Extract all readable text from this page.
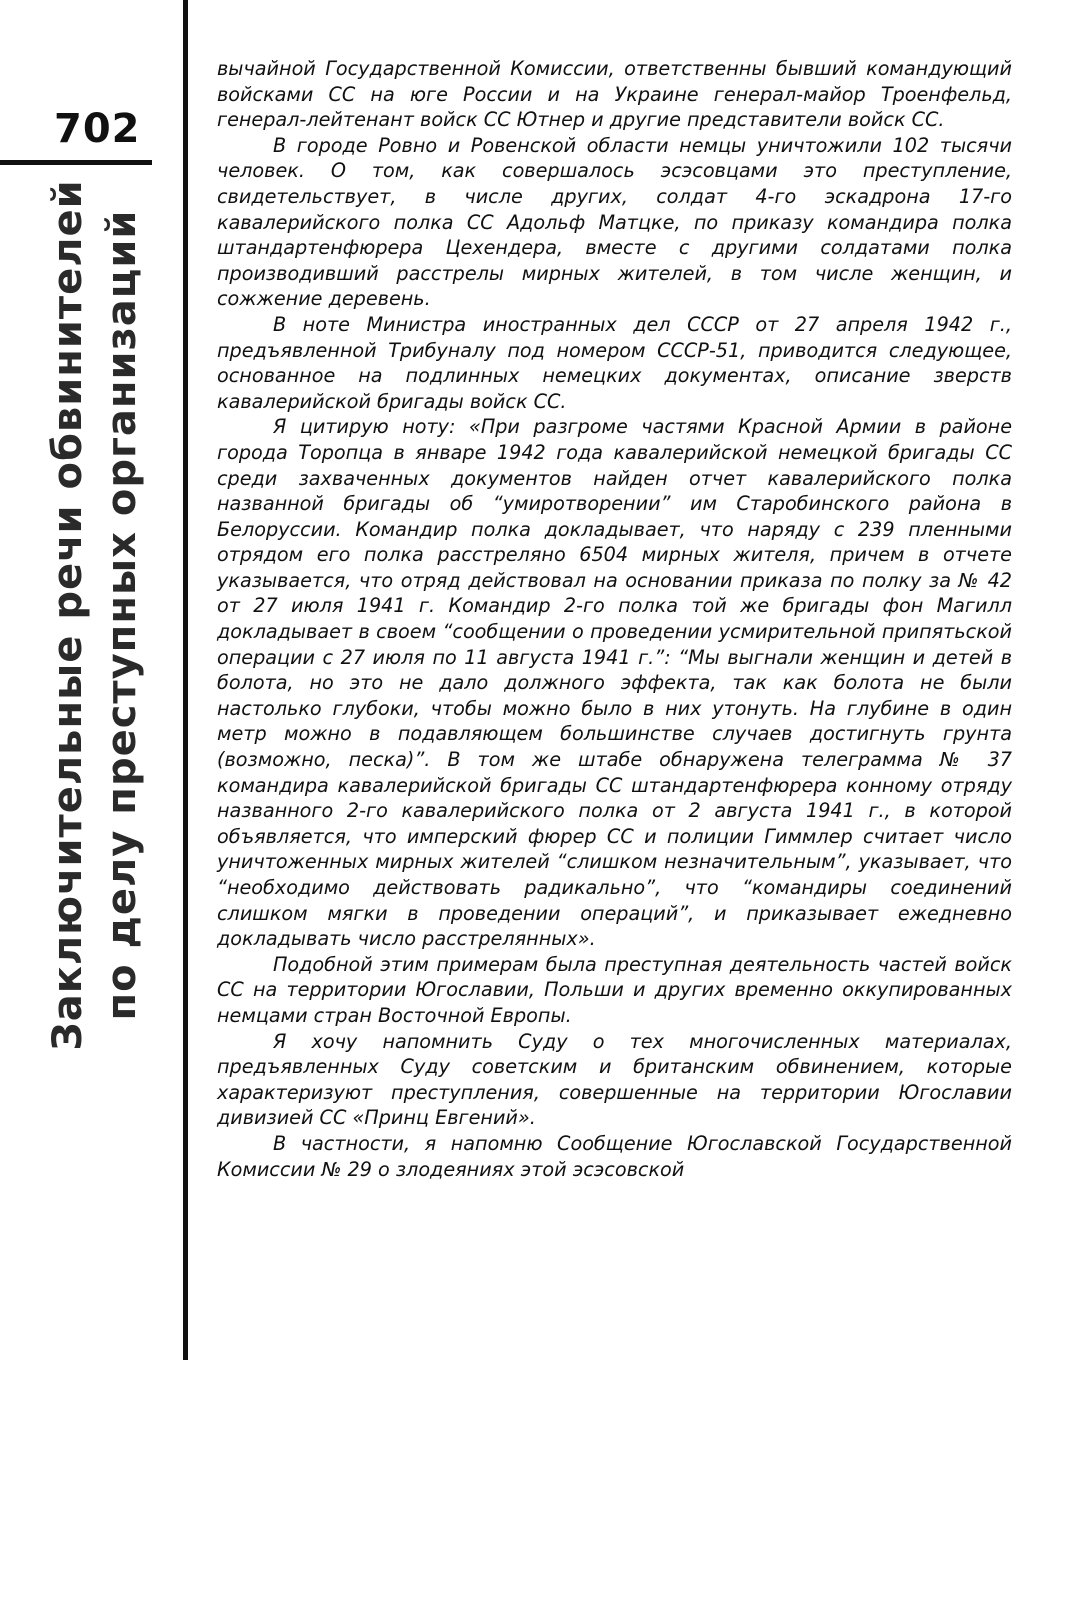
702
Заключительные речи обвинителей по делу преступных организаций

вычайной Государственной Комиссии, ответственны бывший командующий войсками СС на юге России и на Украине генерал-майор Троенфельд, генерал-лейтенант войск СС Ютнер и другие представители войск СС.

В городе Ровно и Ровенской области немцы уничтожили 102 тысячи человек. О том, как совершалось эсэсовцами это преступление, свидетельствует, в числе других, солдат 4-го эскадрона 17-го кавалерийского полка СС Адольф Матцке, по приказу командира полка штандартенфюрера Цехендера, вместе с другими солдатами полка производивший расстрелы мирных жителей, в том числе женщин, и сожжение деревень.

В ноте Министра иностранных дел СССР от 27 апреля 1942 г., предъявленной Трибуналу под номером СССР-51, приводится следующее, основанное на подлинных немецких документах, описание зверств кавалерийской бригады войск СС.

Я цитирую ноту: «При разгроме частями Красной Армии в районе города Торопца в январе 1942 года кавалерийской немецкой бригады СС среди захваченных документов найден отчет кавалерийского полка названной бригады об “умиротворении” им Старобинского района в Белоруссии. Командир полка докладывает, что наряду с 239 пленными отрядом его полка расстреляно 6504 мирных жителя, причем в отчете указывается, что отряд действовал на основании приказа по полку за № 42 от 27 июля 1941 г. Командир 2-го полка той же бригады фон Магилл докладывает в своем “сообщении о проведении усмирительной припятьской операции с 27 июля по 11 августа 1941 г.”: “Мы выгнали женщин и детей в болота, но это не дало должного эффекта, так как болота не были настолько глубоки, чтобы можно было в них утонуть. На глубине в один метр можно в подавляющем большинстве случаев достигнуть грунта (возможно, песка)”. В том же штабе обнаружена телеграмма № 37 командира кавалерийской бригады СС штандартенфюрера конному отряду названного 2-го кавалерийского полка от 2 августа 1941 г., в которой объявляется, что имперский фюрер СС и полиции Гиммлер считает число уничтоженных мирных жителей “слишком незначительным”, указывает, что “необходимо действовать радикально”, что “командиры соединений слишком мягки в проведении операций”, и приказывает ежедневно докладывать число расстрелянных».

Подобной этим примерам была преступная деятельность частей войск СС на территории Югославии, Польши и других временно оккупированных немцами стран Восточной Европы.

Я хочу напомнить Суду о тех многочисленных материалах, предъявленных Суду советским и британским обвинением, которые характеризуют преступления, совершенные на территории Югославии дивизией СС «Принц Евгений».

В частности, я напомню Сообщение Югославской Государственной Комиссии № 29 о злодеяниях этой эсэсовской
